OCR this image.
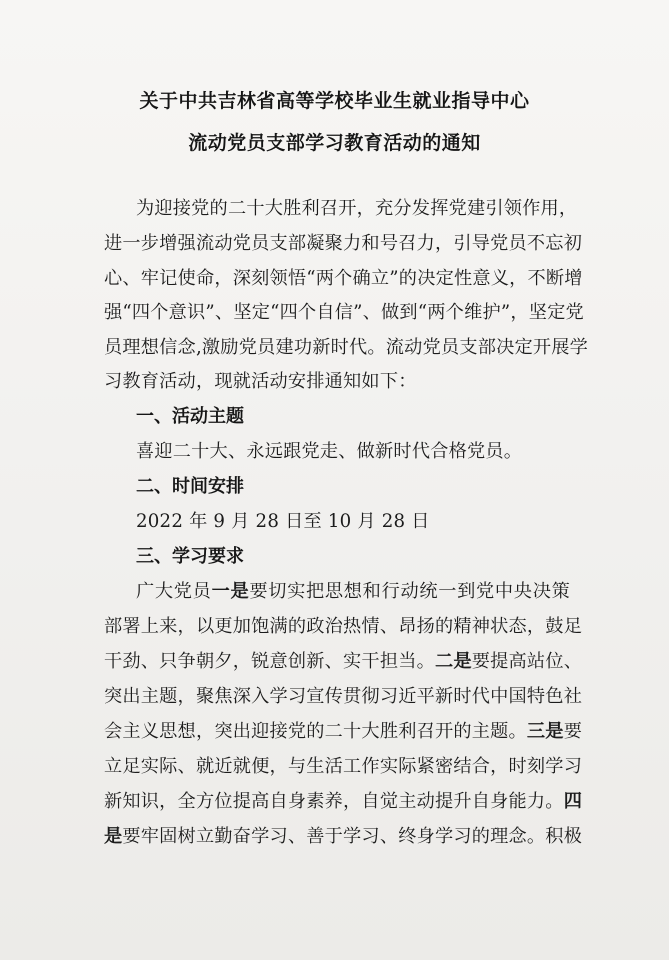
关于中共吉林省高等学校毕业生就业指导中心
流动党员支部学习教育活动的通知
为迎接党的二十大胜利召开，充分发挥党建引领作用，
进一步增强流动党员支部凝聚力和号召力，引导党员不忘初
心、牢记使命，深刻领悟“两个确立”的决定性意义，不断增
强“四个意识”、坚定“四个自信”、做到“两个维护”，坚定党
员理想信念,激励党员建功新时代。流动党员支部决定开展学
习教育活动，现就活动安排通知如下：
一、活动主题
喜迎二十大、永远跟党走、做新时代合格党员。
二、时间安排
2022 年 9 月 28 日至 10 月 28 日
三、学习要求
广大党员一是要切实把思想和行动统一到党中央决策
部署上来，以更加饱满的政治热情、昂扬的精神状态，鼓足
干劲、只争朝夕，锐意创新、实干担当。二是要提高站位、
突出主题，聚焦深入学习宣传贯彻习近平新时代中国特色社
会主义思想，突出迎接党的二十大胜利召开的主题。三是要
立足实际、就近就便，与生活工作实际紧密结合，时刻学习
新知识，全方位提高自身素养，自觉主动提升自身能力。四
是要牢固树立勤奋学习、善于学习、终身学习的理念。积极
